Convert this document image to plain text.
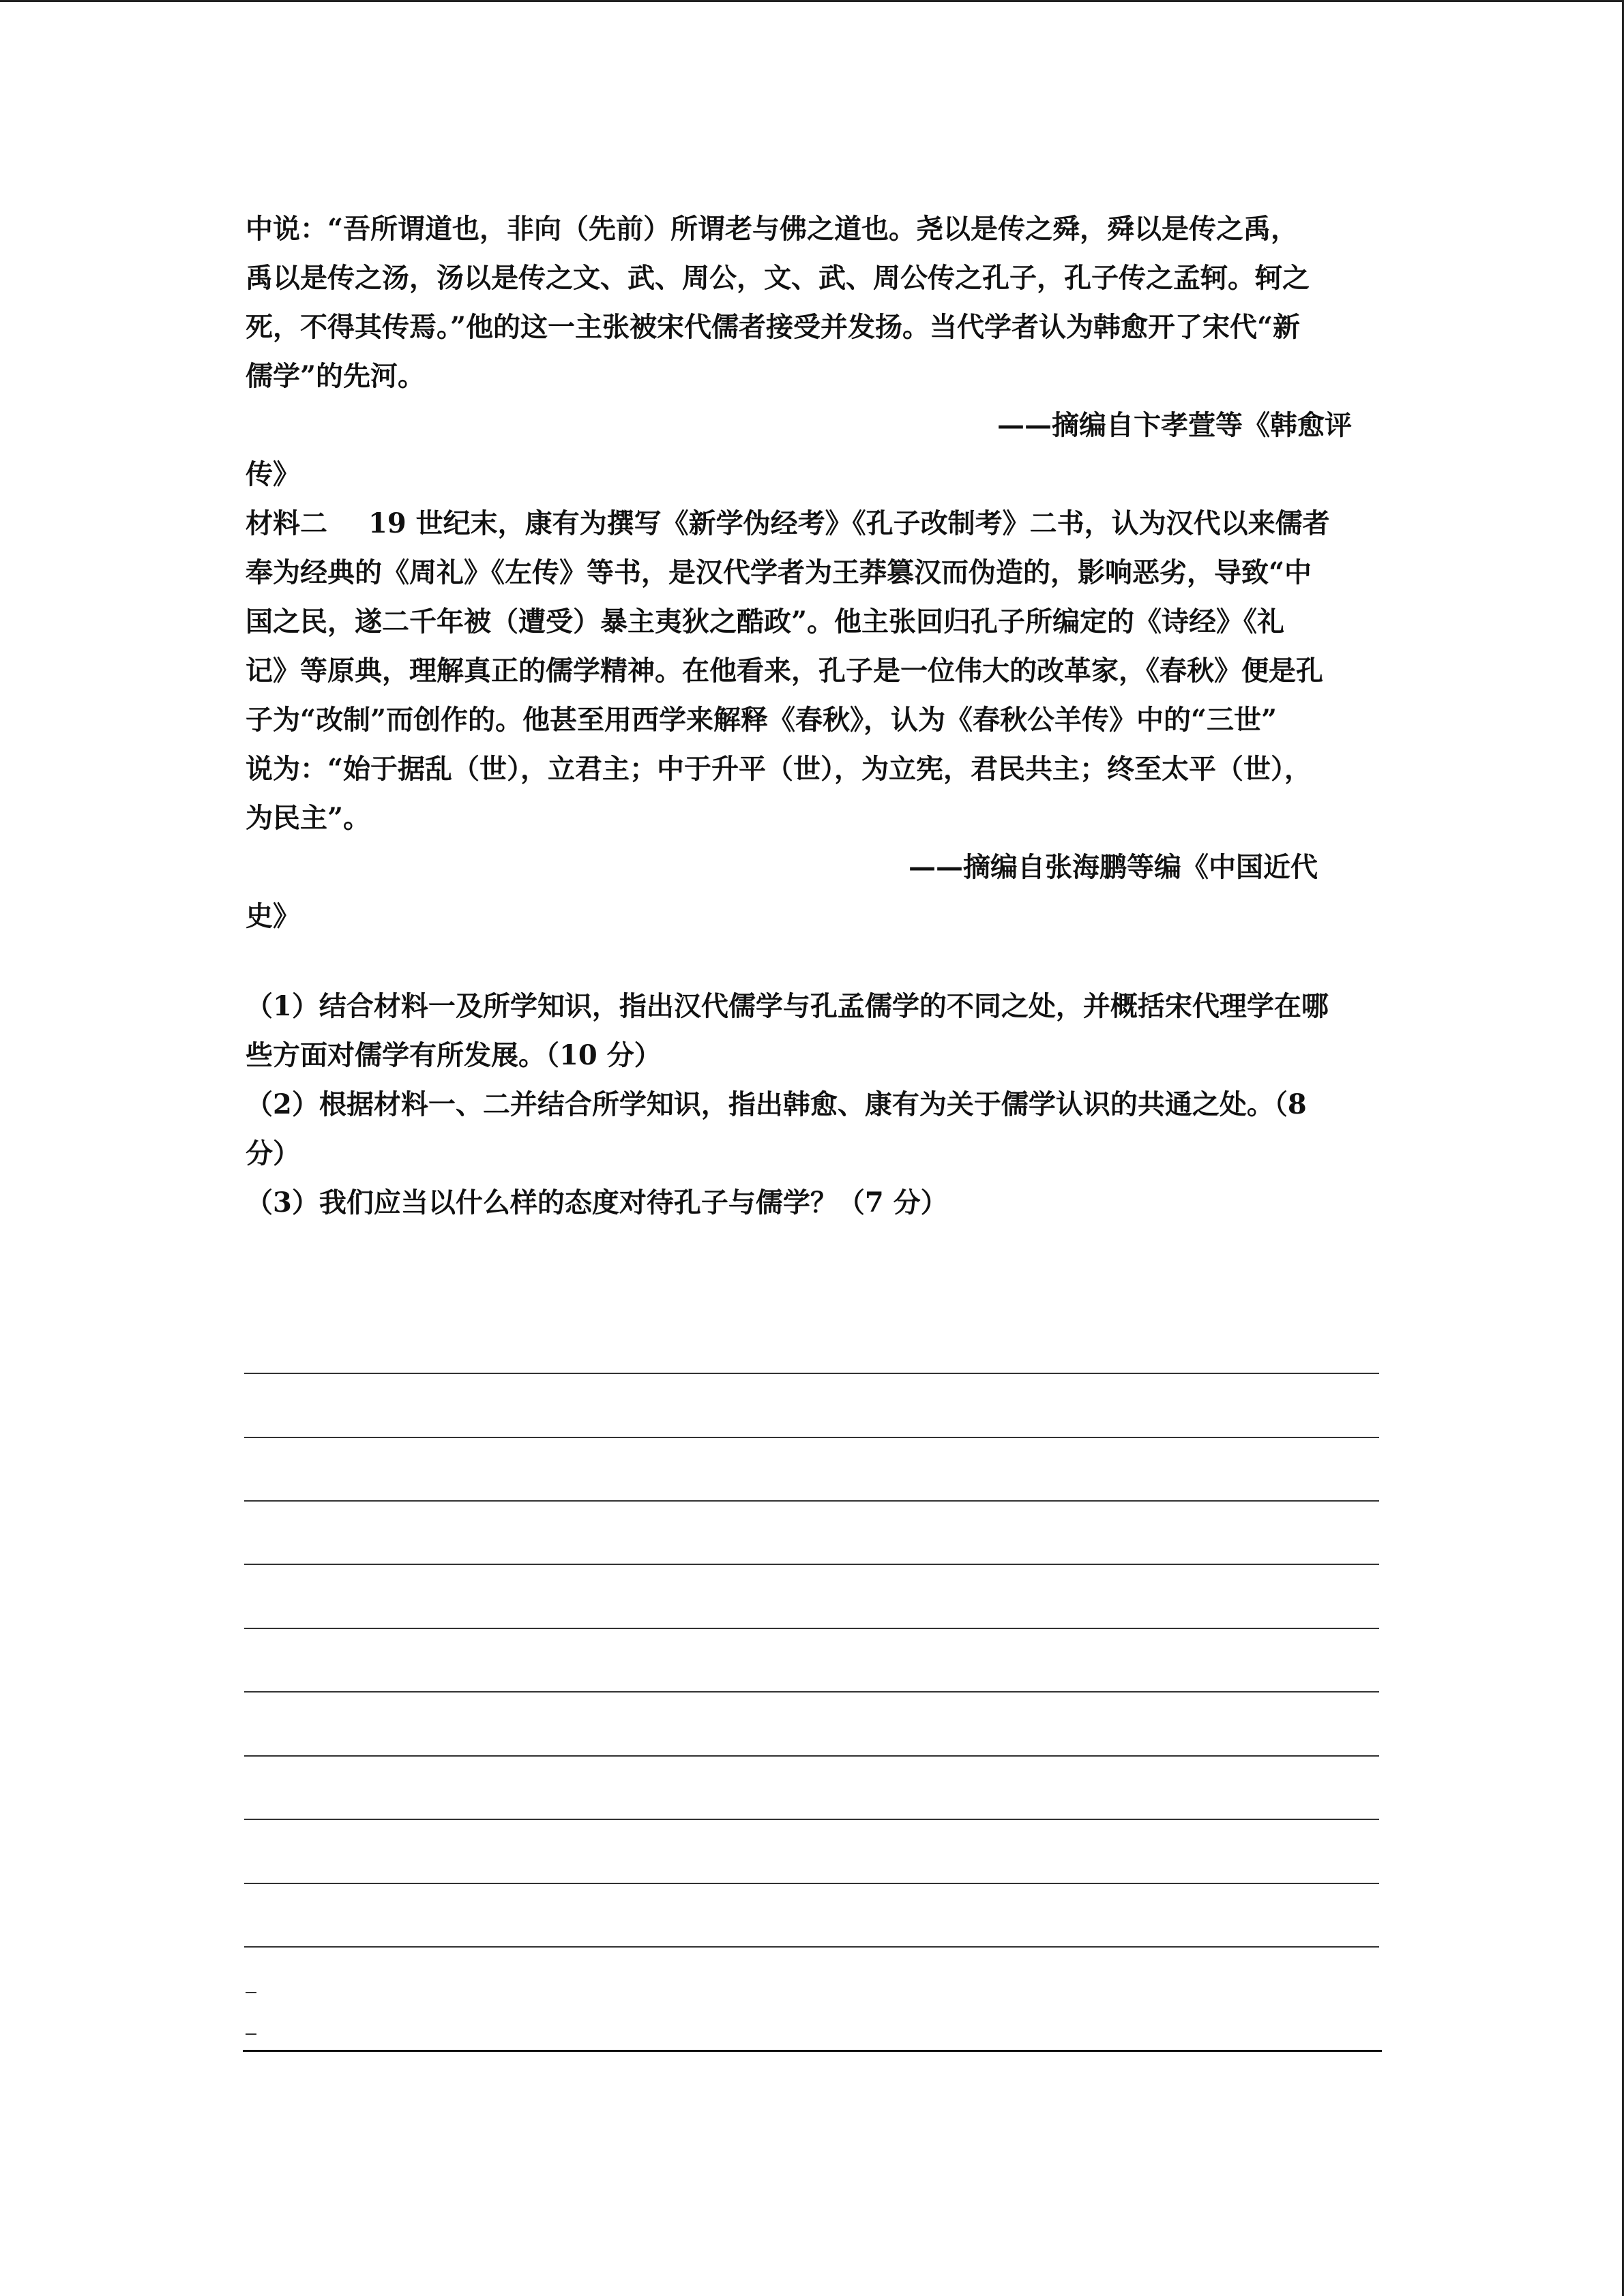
中说：“吾所谓道也，非向（先前）所谓老与佛之道也。尧以是传之舜，舜以是传之禹，
禹以是传之汤，汤以是传之文、武、周公，文、武、周公传之孔子，孔子传之孟轲。轲之
死，不得其传焉。”他的这一主张被宋代儒者接受并发扬。当代学者认为韩愈开了宋代“新
儒学”的先河。
——摘编自卞孝萱等《韩愈评
传》
材料二 19 世纪末，康有为撰写《新学伪经考》《孔子改制考》二书，认为汉代以来儒者
奉为经典的《周礼》《左传》等书，是汉代学者为王莽篡汉而伪造的，影响恶劣，导致“中
国之民，遂二千年被（遭受）暴主夷狄之酷政”。他主张回归孔子所编定的《诗经》《礼
记》等原典，理解真正的儒学精神。在他看来，孔子是一位伟大的改革家，《春秋》便是孔
子为“改制”而创作的。他甚至用西学来解释《春秋》，认为《春秋公羊传》中的“三世”
说为：“始于据乱（世），立君主；中于升平（世），为立宪，君民共主；终至太平（世），
为民主”。
——摘编自张海鹏等编《中国近代
史》
（1）结合材料一及所学知识，指出汉代儒学与孔孟儒学的不同之处，并概括宋代理学在哪
些方面对儒学有所发展。（10 分）
（2）根据材料一、二并结合所学知识，指出韩愈、康有为关于儒学认识的共通之处。（8
分）
（3）我们应当以什么样的态度对待孔子与儒学？（7 分）
